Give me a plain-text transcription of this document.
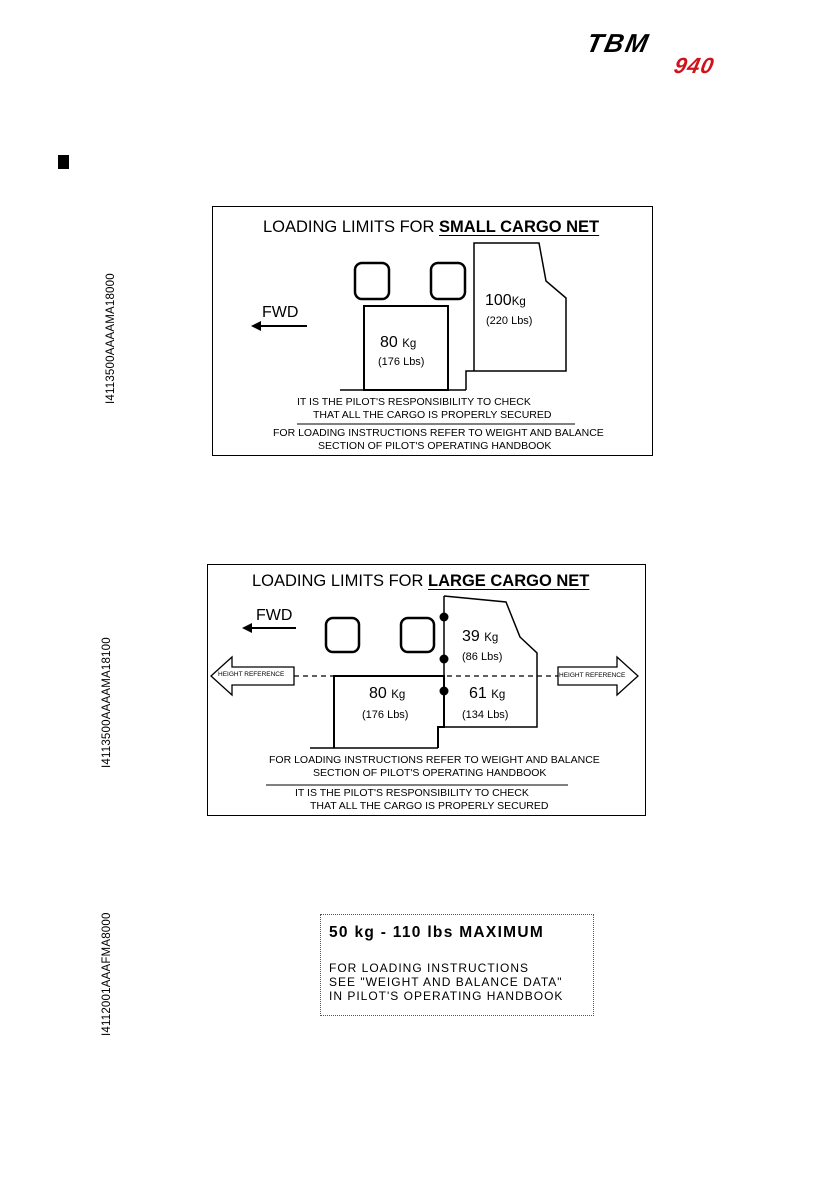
TBM
940
I4113500AAAAMA18000
I4113500AAAAMA18100
I4112001AAAFMA8000
LOADING LIMITS FOR SMALL CARGO NET
FWD
80 Kg
(176 Lbs)
100Kg
(220 Lbs)
IT IS THE PILOT'S RESPONSIBILITY TO CHECK
THAT ALL THE CARGO IS PROPERLY SECURED
FOR LOADING INSTRUCTIONS REFER TO WEIGHT AND BALANCE
SECTION OF PILOT'S OPERATING HANDBOOK
LOADING LIMITS FOR LARGE CARGO NET
FWD
HEIGHT REFERENCE	HEIGHT REFERENCE
39 Kg
(86 Lbs)
80 Kg
(176 Lbs)
61 Kg
(134 Lbs)
FOR LOADING INSTRUCTIONS REFER TO WEIGHT AND BALANCE
SECTION OF PILOT'S OPERATING HANDBOOK
IT IS THE PILOT'S RESPONSIBILITY TO CHECK
THAT ALL THE CARGO IS PROPERLY SECURED
50 kg - 110 lbs MAXIMUM
FOR LOADING INSTRUCTIONS
SEE "WEIGHT AND BALANCE DATA"
IN PILOT'S OPERATING HANDBOOK
